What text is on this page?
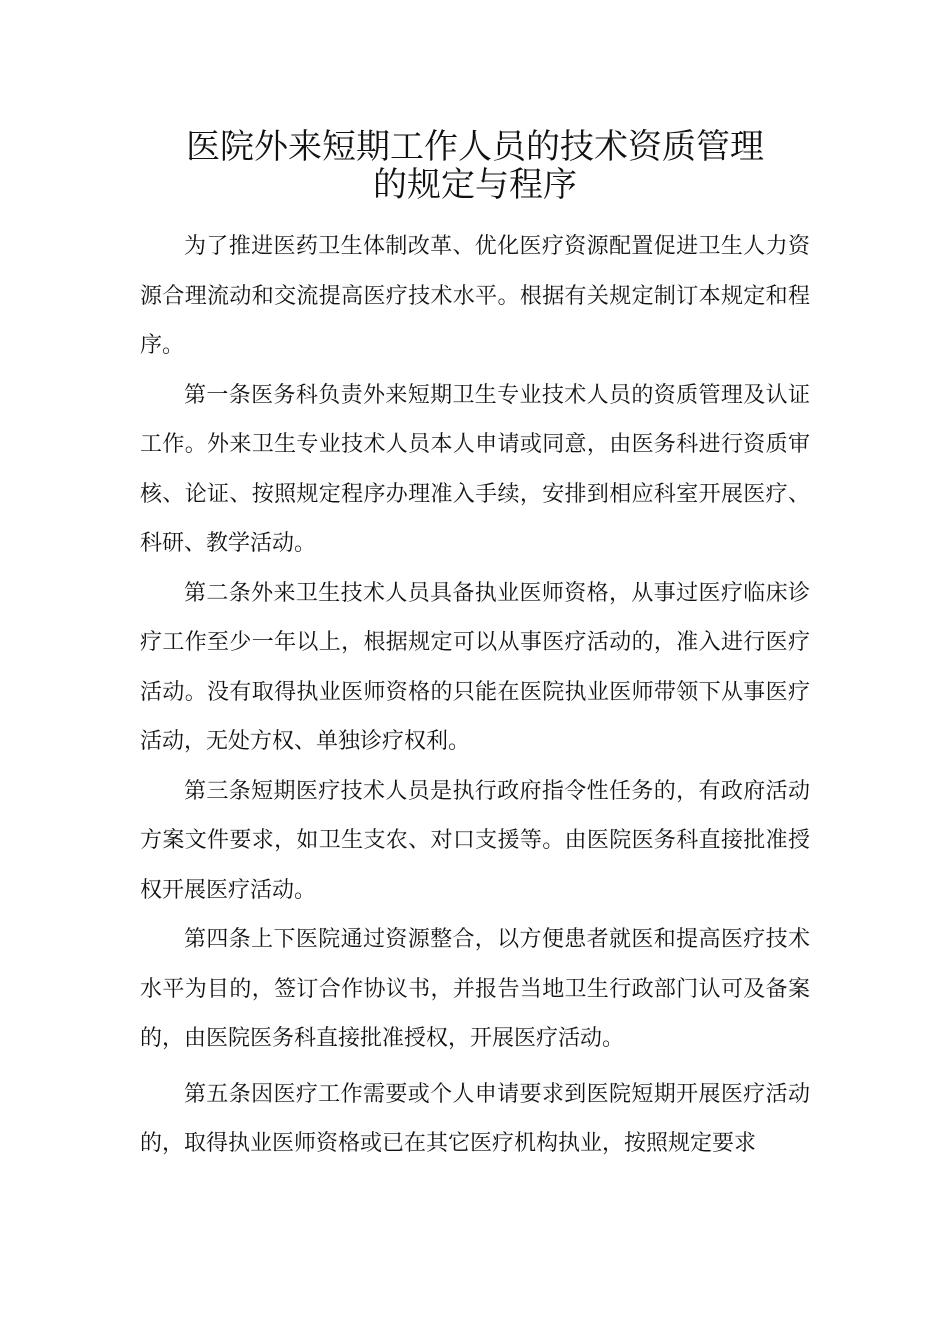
医院外来短期工作人员的技术资质管理
的规定与程序

为了推进医药卫生体制改革、优化医疗资源配置促进卫生人力资源合理流动和交流提高医疗技术水平。根据有关规定制订本规定和程序。

第一条医务科负责外来短期卫生专业技术人员的资质管理及认证工作。外来卫生专业技术人员本人申请或同意，由医务科进行资质审核、论证、按照规定程序办理准入手续，安排到相应科室开展医疗、科研、教学活动。

第二条外来卫生技术人员具备执业医师资格，从事过医疗临床诊疗工作至少一年以上，根据规定可以从事医疗活动的，准入进行医疗活动。没有取得执业医师资格的只能在医院执业医师带领下从事医疗活动，无处方权、单独诊疗权利。

第三条短期医疗技术人员是执行政府指令性任务的，有政府活动方案文件要求，如卫生支农、对口支援等。由医院医务科直接批准授权开展医疗活动。

第四条上下医院通过资源整合，以方便患者就医和提高医疗技术水平为目的，签订合作协议书，并报告当地卫生行政部门认可及备案的，由医院医务科直接批准授权，开展医疗活动。

第五条因医疗工作需要或个人申请要求到医院短期开展医疗活动的，取得执业医师资格或已在其它医疗机构执业，按照规定要求
